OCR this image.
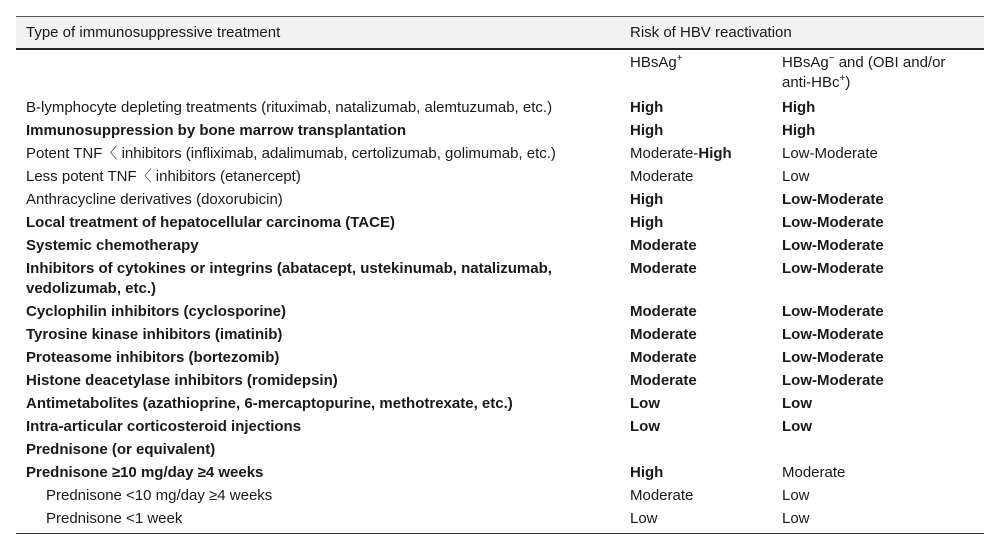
Type of immunosuppressive treatment	Risk of HBV reactivation	
	HBsAg+	HBsAg− and (OBI and/or anti-HBc+)
B-lymphocyte depleting treatments (rituximab, natalizumab, alemtuzumab, etc.)	High	High
Immunosuppression by bone marrow transplantation	High	High
Potent TNF〈 inhibitors (infliximab, adalimumab, certolizumab, golimumab, etc.)	Moderate-High	Low-Moderate
Less potent TNF〈 inhibitors (etanercept)	Moderate	Low
Anthracycline derivatives (doxorubicin)	High	Low-Moderate
Local treatment of hepatocellular carcinoma (TACE)	High	Low-Moderate
Systemic chemotherapy	Moderate	Low-Moderate
Inhibitors of cytokines or integrins (abatacept, ustekinumab, natalizumab, vedolizumab, etc.)	Moderate	Low-Moderate
Cyclophilin inhibitors (cyclosporine)	Moderate	Low-Moderate
Tyrosine kinase inhibitors (imatinib)	Moderate	Low-Moderate
Proteasome inhibitors (bortezomib)	Moderate	Low-Moderate
Histone deacetylase inhibitors (romidepsin)	Moderate	Low-Moderate
Antimetabolites (azathioprine, 6-mercaptopurine, methotrexate, etc.)	Low	Low
Intra-articular corticosteroid injections	Low	Low
Prednisone (or equivalent)		
Prednisone ≥10 mg/day ≥4 weeks	High	Moderate
Prednisone <10 mg/day ≥4 weeks	Moderate	Low
Prednisone <1 week	Low	Low
